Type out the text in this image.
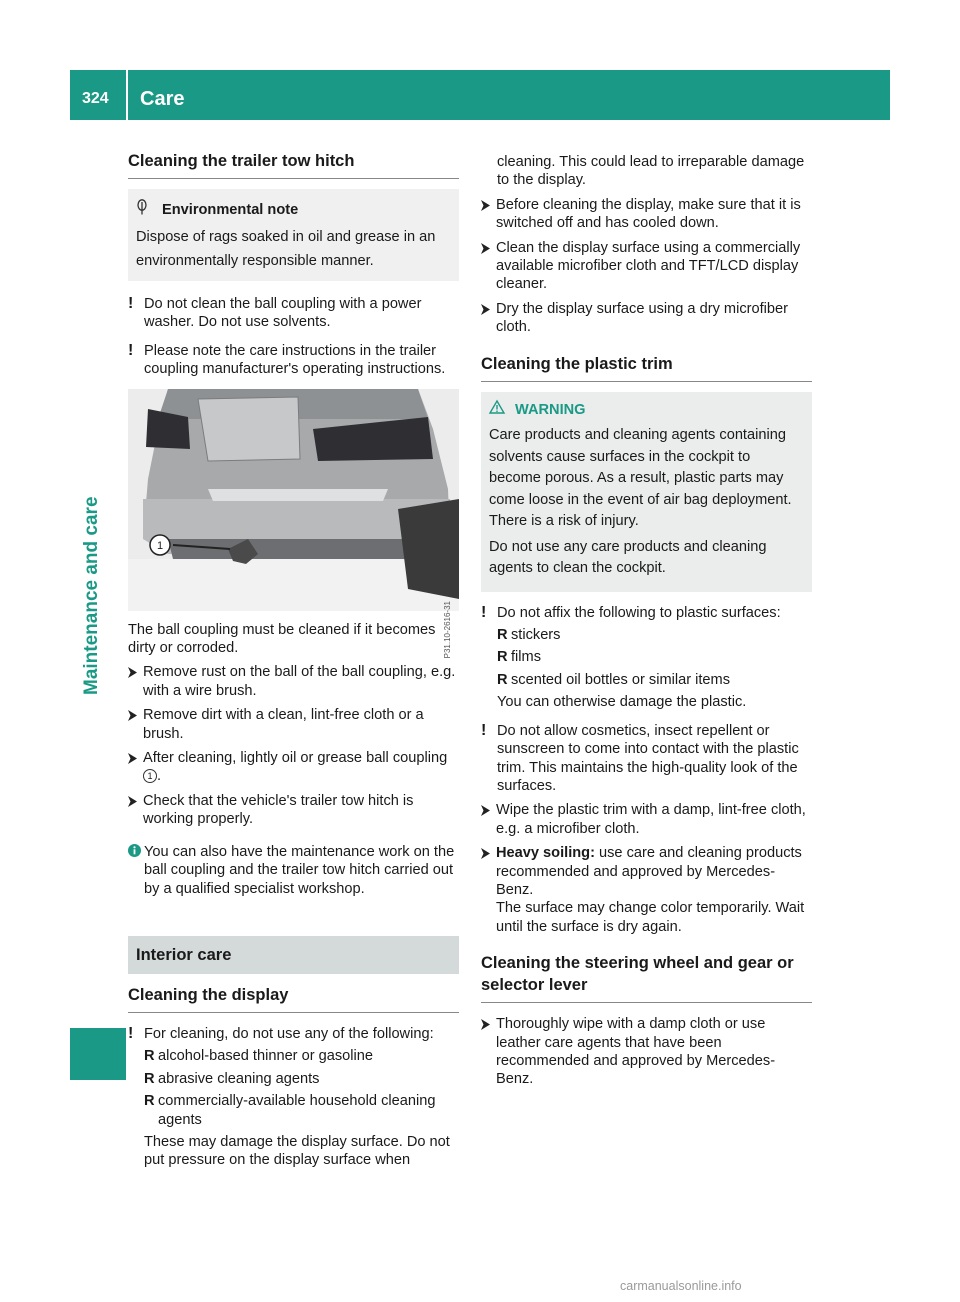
324 Care
Maintenance and care
Cleaning the trailer tow hitch
Environmental note

Dispose of rags soaked in oil and grease in an environmentally responsible manner.

! Do not clean the ball coupling with a power washer. Do not use solvents.
! Please note the care instructions in the trailer coupling manufacturer's operating instructions.
1
P31.10-2616-31

The ball coupling must be cleaned if it becomes dirty or corroded.

Remove rust on the ball of the ball coupling, e.g. with a wire brush.
Remove dirt with a clean, lint-free cloth or a brush.
After cleaning, lightly oil or grease ball coupling 1 .
Check that the vehicle's trailer tow hitch is working properly.
You can also have the maintenance work on the ball coupling and the trailer tow hitch carried out by a qualified specialist workshop.
Interior care
Cleaning the display
! For cleaning, do not use any of the following:
R alcohol-based thinner or gasoline
R abrasive cleaning agents
R commercially-available household cleaning agents

These may damage the display surface. Do not put pressure on the display surface when

cleaning. This could lead to irreparable damage to the display.

Before cleaning the display, make sure that it is switched off and has cooled down.
Clean the display surface using a commercially available microfiber cloth and TFT/LCD display cleaner.
Dry the display surface using a dry microfiber cloth.
Cleaning the plastic trim
WARNING

Care products and cleaning agents containing solvents cause surfaces in the cockpit to become porous. As a result, plastic parts may come loose in the event of air bag deployment. There is a risk of injury.

Do not use any care products and cleaning agents to clean the cockpit.

! Do not affix the following to plastic surfaces:
R stickers
R films
R scented oil bottles or similar items

You can otherwise damage the plastic.

! Do not allow cosmetics, insect repellent or sunscreen to come into contact with the plastic trim. This maintains the high-quality look of the surfaces.
Wipe the plastic trim with a damp, lint-free cloth, e.g. a microfiber cloth.
Heavy soiling: use care and cleaning products recommended and approved by Mercedes-Benz.
The surface may change color temporarily. Wait until the surface is dry again.
Cleaning the steering wheel and gear or selector lever
Thoroughly wipe with a damp cloth or use leather care agents that have been recommended and approved by Mercedes-Benz.
carmanualsonline.info
